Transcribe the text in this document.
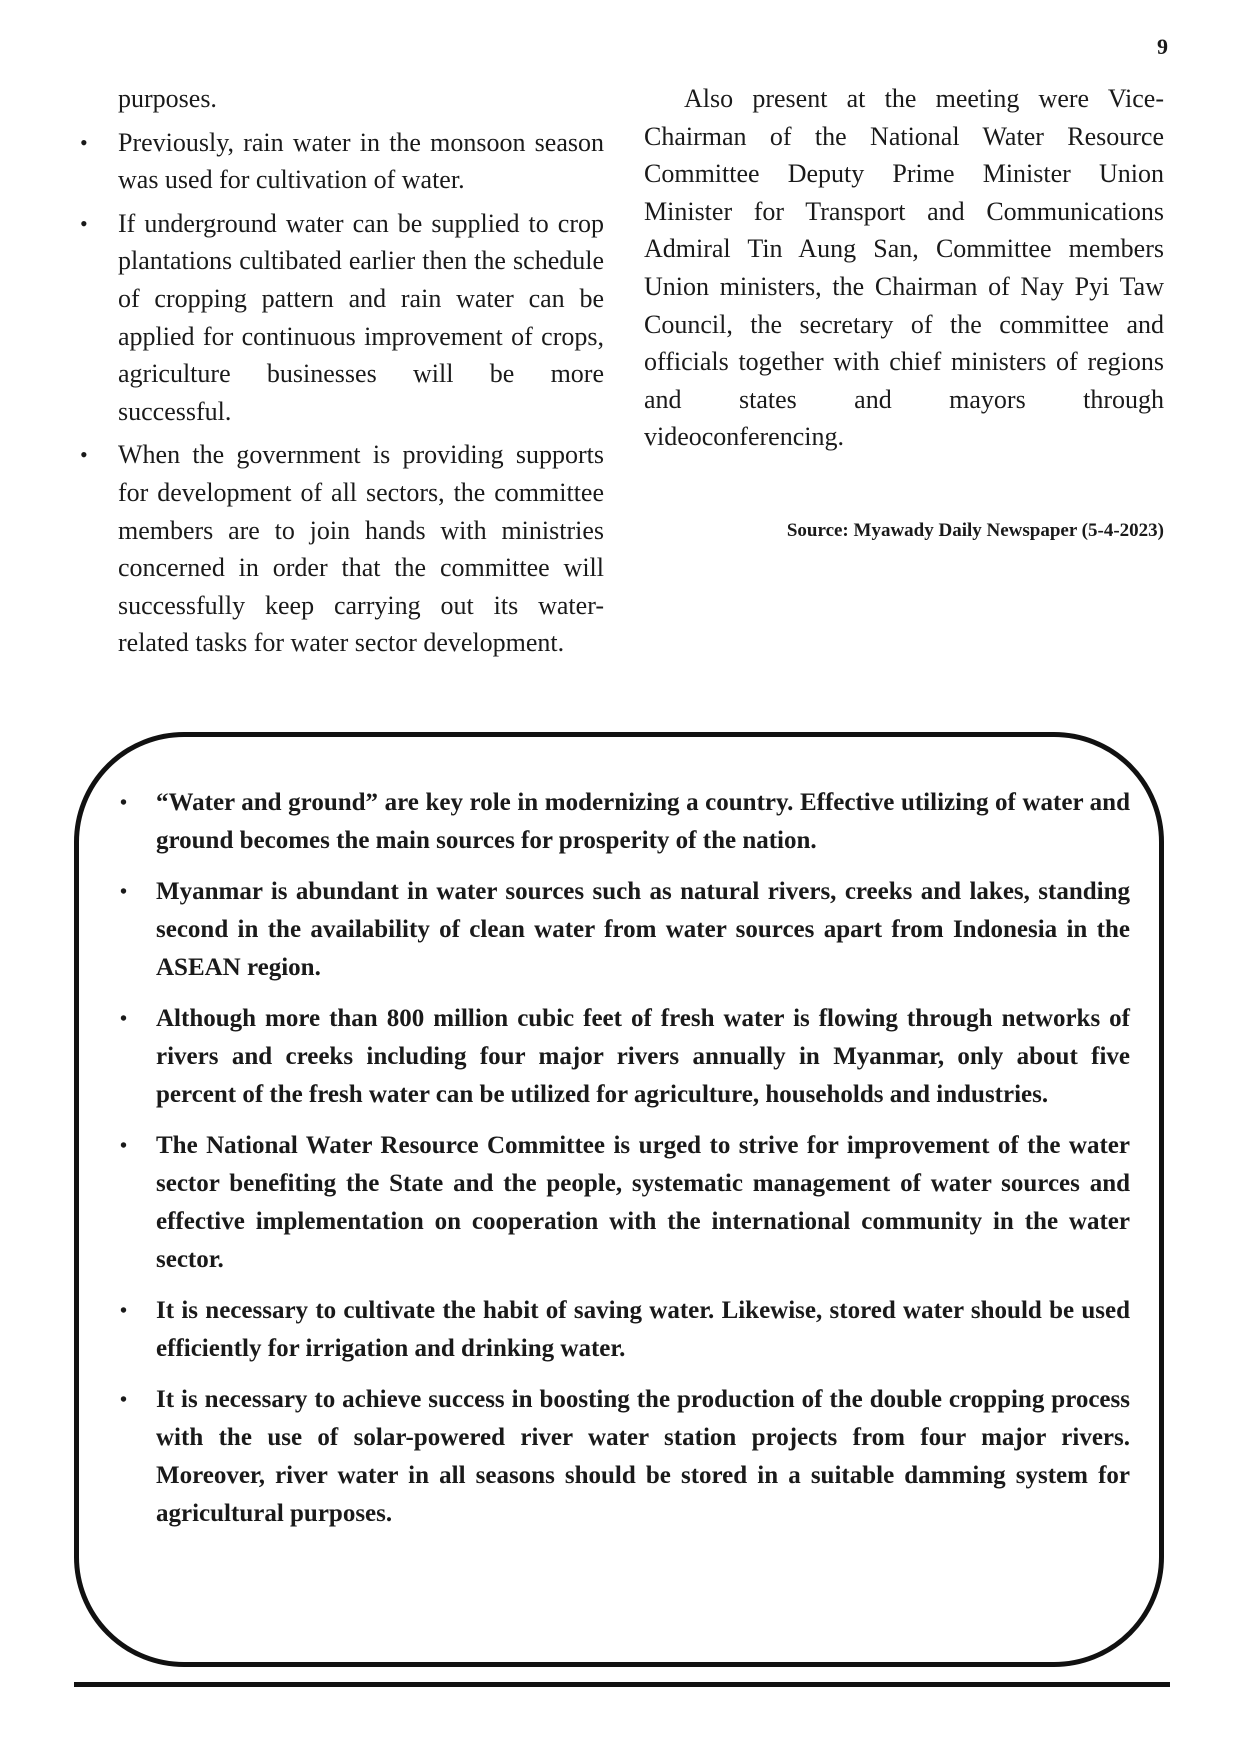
9

purposes.

• Previously, rain water in the monsoon season was used for cultivation of water.
• If underground water can be supplied to crop plantations cultibated earlier then the schedule of cropping pattern and rain water can be applied for continuous improvement of crops, agriculture businesses will be more successful.
• When the government is providing supports for development of all sectors, the committee members are to join hands with ministries concerned in order that the committee will successfully keep carrying out its water-related tasks for water sector development.

Also present at the meeting were Vice-Chairman of the National Water Resource Committee Deputy Prime Minister Union Minister for Transport and Communications Admiral Tin Aung San, Committee members Union ministers, the Chairman of Nay Pyi Taw Council, the secretary of the committee and officials together with chief ministers of regions and states and mayors through videoconferencing.

Source: Myawady Daily Newspaper (5-4-2023)
• “Water and ground” are key role in modernizing a country. Effective utilizing of water and ground becomes the main sources for prosperity of the nation.
• Myanmar is abundant in water sources such as natural rivers, creeks and lakes, standing second in the availability of clean water from water sources apart from Indonesia in the ASEAN region.
• Although more than 800 million cubic feet of fresh water is flowing through networks of rivers and creeks including four major rivers annually in Myanmar, only about five percent of the fresh water can be utilized for agriculture, households and industries.
• The National Water Resource Committee is urged to strive for improvement of the water sector benefiting the State and the people, systematic management of water sources and effective implementation on cooperation with the international community in the water sector.
• It is necessary to cultivate the habit of saving water. Likewise, stored water should be used efficiently for irrigation and drinking water.
• It is necessary to achieve success in boosting the production of the double cropping process with the use of solar-powered river water station projects from four major rivers. Moreover, river water in all seasons should be stored in a suitable damming system for agricultural purposes.
